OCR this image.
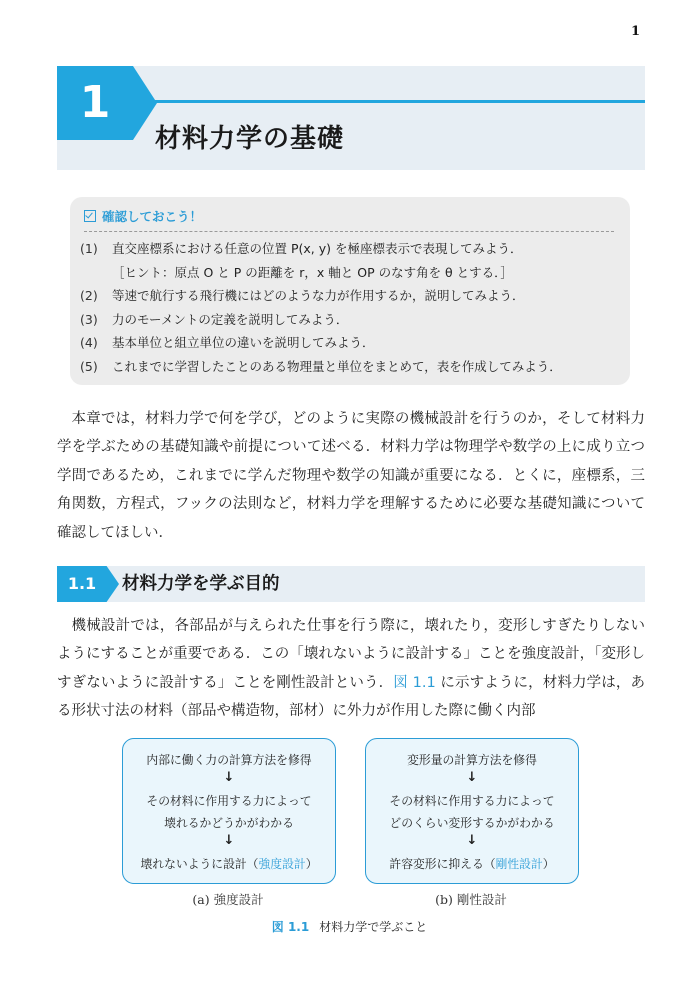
1
1
材料力学の基礎
確認しておこう！
(1) 直交座標系における任意の位置 P(x, y) を極座標表示で表現してみよう．
［ヒント：原点 O と P の距離を r，x 軸と OP のなす角を θ とする．］
(2) 等速で航行する飛行機にはどのような力が作用するか，説明してみよう．
(3) 力のモーメントの定義を説明してみよう．
(4) 基本単位と組立単位の違いを説明してみよう．
(5) これまでに学習したことのある物理量と単位をまとめて，表を作成してみよう．

本章では，材料力学で何を学び，どのように実際の機械設計を行うのか，そして材料力学を学ぶための基礎知識や前提について述べる．材料力学は物理学や数学の上に成り立つ学問であるため，これまでに学んだ物理や数学の知識が重要になる．とくに，座標系，三角関数，方程式，フックの法則など，材料力学を理解するために必要な基礎知識について確認してほしい．

1.1	材料力学を学ぶ目的

機械設計では，各部品が与えられた仕事を行う際に，壊れたり，変形しすぎたりしないようにすることが重要である．この「壊れないように設計する」ことを強度設計，「変形しすぎないように設計する」ことを剛性設計という．図 1.1 に示すように，材料力学は，ある形状寸法の材料（部品や構造物，部材）に外力が作用した際に働く内部

内部に働く力の計算方法を修得
↓
その材料に作用する力によって
壊れるかどうかがわかる
↓
壊れないように設計（強度設計）
変形量の計算方法を修得
↓
その材料に作用する力によって
どのくらい変形するかがわかる
↓
許容変形に抑える（剛性設計）
(a) 強度設計	(b) 剛性設計
図 1.1 材料力学で学ぶこと
